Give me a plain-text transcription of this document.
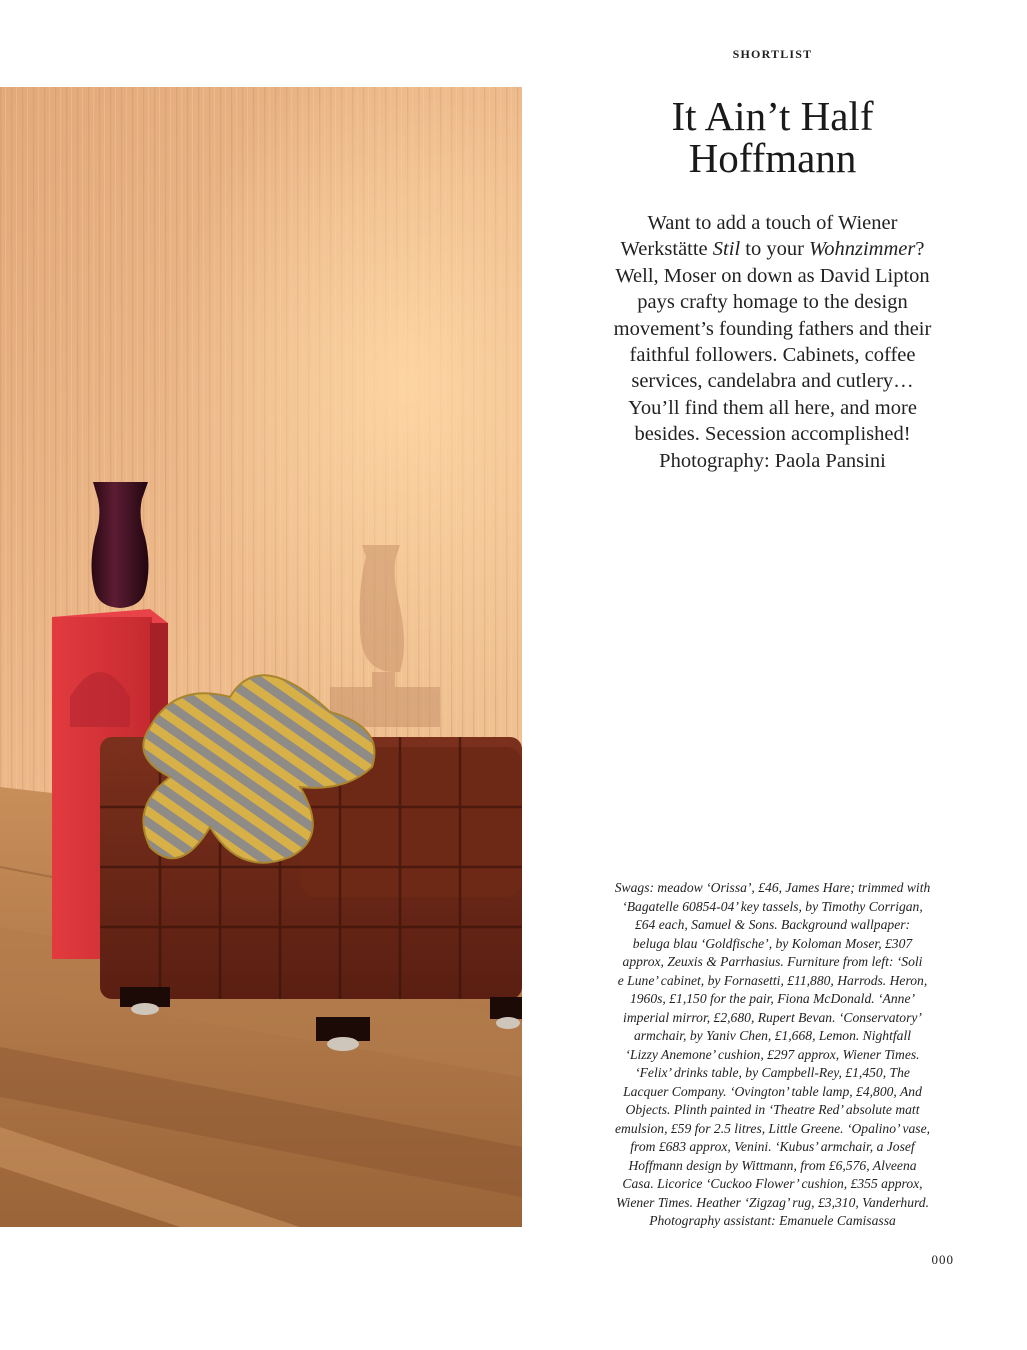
SHORTLIST
It Ain’t Half
Hoffmann
Want to add a touch of Wiener
Werkstätte Stil to your Wohnzimmer?
Well, Moser on down as David Lipton
pays crafty homage to the design
movement’s founding fathers and their
faithful followers. Cabinets, coffee
services, candelabra and cutlery…
You’ll find them all here, and more
besides. Secession accomplished!
Photography: Paola Pansini
Swags: meadow ‘Orissa’, £46, James Hare; trimmed with
‘Bagatelle 60854-04’ key tassels, by Timothy Corrigan,
£64 each, Samuel & Sons. Background wallpaper:
beluga blau ‘Goldfische’, by Koloman Moser, £307
approx, Zeuxis & Parrhasius. Furniture from left: ‘Soli
e Lune’ cabinet, by Fornasetti, £11,880, Harrods. Heron,
1960s, £1,150 for the pair, Fiona McDonald. ‘Anne’
imperial mirror, £2,680, Rupert Bevan. ‘Conservatory’
armchair, by Yaniv Chen, £1,668, Lemon. Nightfall
‘Lizzy Anemone’ cushion, £297 approx, Wiener Times.
‘Felix’ drinks table, by Campbell-Rey, £1,450, The
Lacquer Company. ‘Ovington’ table lamp, £4,800, And
Objects. Plinth painted in ‘Theatre Red’ absolute matt
emulsion, £59 for 2.5 litres, Little Greene. ‘Opalino’ vase,
from £683 approx, Venini. ‘Kubus’ armchair, a Josef
Hoffmann design by Wittmann, from £6,576, Alveena
Casa. Licorice ‘Cuckoo Flower’ cushion, £355 approx,
Wiener Times. Heather ‘Zigzag’ rug, £3,310, Vanderhurd.
Photography assistant: Emanuele Camisassa
000
